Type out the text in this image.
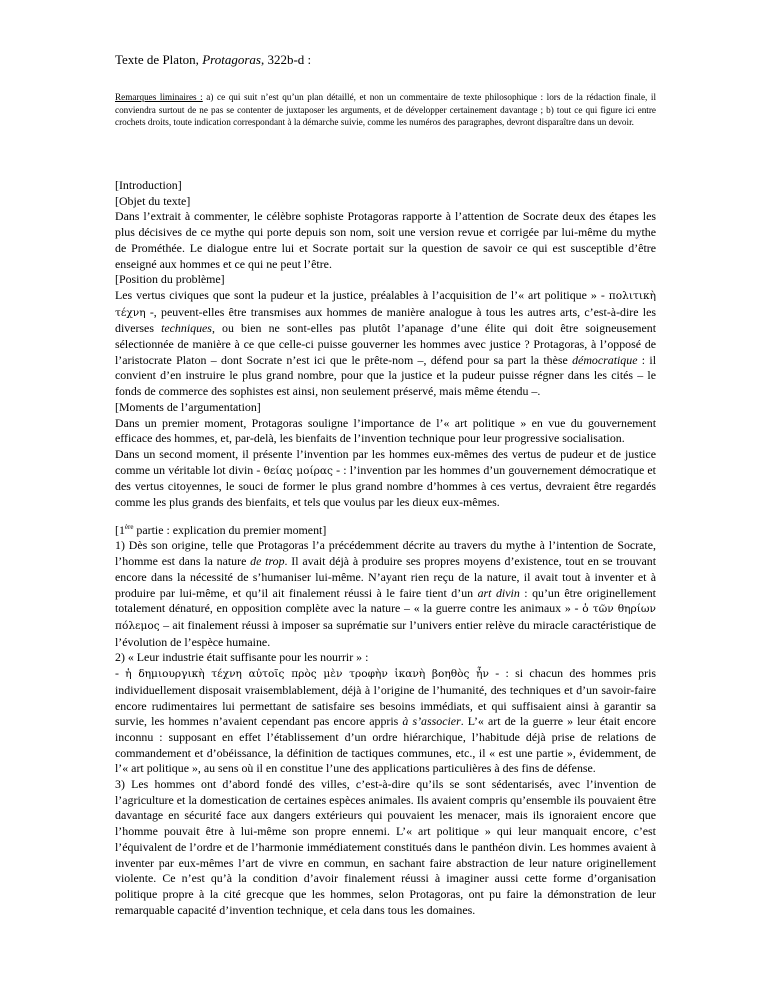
Texte de Platon, Protagoras, 322b-d :
Remarques liminaires : a) ce qui suit n’est qu’un plan détaillé, et non un commentaire de texte philosophique : lors de la rédaction finale, il conviendra surtout de ne pas se contenter de juxtaposer les arguments, et de développer certainement davantage ; b) tout ce qui figure ici entre crochets droits, toute indication correspondant à la démarche suivie, comme les numéros des paragraphes, devront disparaître dans un devoir.

[Introduction]

[Objet du texte]

Dans l’extrait à commenter, le célèbre sophiste Protagoras rapporte à l’attention de Socrate deux des étapes les plus décisives de ce mythe qui porte depuis son nom, soit une version revue et corrigée par lui-même du mythe de Prométhée. Le dialogue entre lui et Socrate portait sur la question de savoir ce qui est susceptible d’être enseigné aux hommes et ce qui ne peut l’être.

[Position du problème]

Les vertus civiques que sont la pudeur et la justice, préalables à l’acquisition de l’« art politique » - πολιτικὴ τέχνη -, peuvent-elles être transmises aux hommes de manière analogue à tous les autres arts, c’est-à-dire les diverses techniques, ou bien ne sont-elles pas plutôt l’apanage d’une élite qui doit être soigneusement sélectionnée de manière à ce que celle-ci puisse gouverner les hommes avec justice ? Protagoras, à l’opposé de l’aristocrate Platon – dont Socrate n’est ici que le prête-nom –, défend pour sa part la thèse démocratique : il convient d’en instruire le plus grand nombre, pour que la justice et la pudeur puisse régner dans les cités – le fonds de commerce des sophistes est ainsi, non seulement préservé, mais même étendu –.

[Moments de l’argumentation]

Dans un premier moment, Protagoras souligne l’importance de l’« art politique » en vue du gouvernement efficace des hommes, et, par-delà, les bienfaits de l’invention technique pour leur progressive socialisation.

Dans un second moment, il présente l’invention par les hommes eux-mêmes des vertus de pudeur et de justice comme un véritable lot divin - θείας μοίρας - : l’invention par les hommes d’un gouvernement démocratique et des vertus citoyennes, le souci de former le plus grand nombre d’hommes à ces vertus, devraient être regardés comme les plus grands des bienfaits, et tels que voulus par les dieux eux-mêmes.

[1ère partie : explication du premier moment]

1) Dès son origine, telle que Protagoras l’a précédemment décrite au travers du mythe à l’intention de Socrate, l’homme est dans la nature de trop. Il avait déjà à produire ses propres moyens d’existence, tout en se trouvant encore dans la nécessité de s’humaniser lui-même. N’ayant rien reçu de la nature, il avait tout à inventer et à produire par lui-même, et qu’il ait finalement réussi à le faire tient d’un art divin : qu’un être originellement totalement dénaturé, en opposition complète avec la nature – « la guerre contre les animaux » - ὁ τῶν θηρίων πόλεμος – ait finalement réussi à imposer sa suprématie sur l’univers entier relève du miracle caractéristique de l’évolution de l’espèce humaine.

2) « Leur industrie était suffisante pour les nourrir » :

- ἡ δημιουργικὴ τέχνη αὐτοῖς πρὸς μὲν τροφὴν ἱκανὴ βοηθὸς ἦν - : si chacun des hommes pris individuellement disposait vraisemblablement, déjà à l’origine de l’humanité, des techniques et d’un savoir-faire encore rudimentaires lui permettant de satisfaire ses besoins immédiats, et qui suffisaient ainsi à garantir sa survie, les hommes n’avaient cependant pas encore appris à s’associer. L’« art de la guerre » leur était encore inconnu : supposant en effet l’établissement d’un ordre hiérarchique, l’habitude déjà prise de relations de commandement et d’obéissance, la définition de tactiques communes, etc., il « est une partie », évidemment, de l’« art politique », au sens où il en constitue l’une des applications particulières à des fins de défense.

3) Les hommes ont d’abord fondé des villes, c’est-à-dire qu’ils se sont sédentarisés, avec l’invention de l’agriculture et la domestication de certaines espèces animales. Ils avaient compris qu’ensemble ils pouvaient être davantage en sécurité face aux dangers extérieurs qui pouvaient les menacer, mais ils ignoraient encore que l’homme pouvait être à lui-même son propre ennemi. L’« art politique » qui leur manquait encore, c’est l’équivalent de l’ordre et de l’harmonie immédiatement constitués dans le panthéon divin. Les hommes avaient à inventer par eux-mêmes l’art de vivre en commun, en sachant faire abstraction de leur nature originellement violente. Ce n’est qu’à la condition d’avoir finalement réussi à imaginer aussi cette forme d’organisation politique propre à la cité grecque que les hommes, selon Protagoras, ont pu faire la démonstration de leur remarquable capacité d’invention technique, et cela dans tous les domaines.
